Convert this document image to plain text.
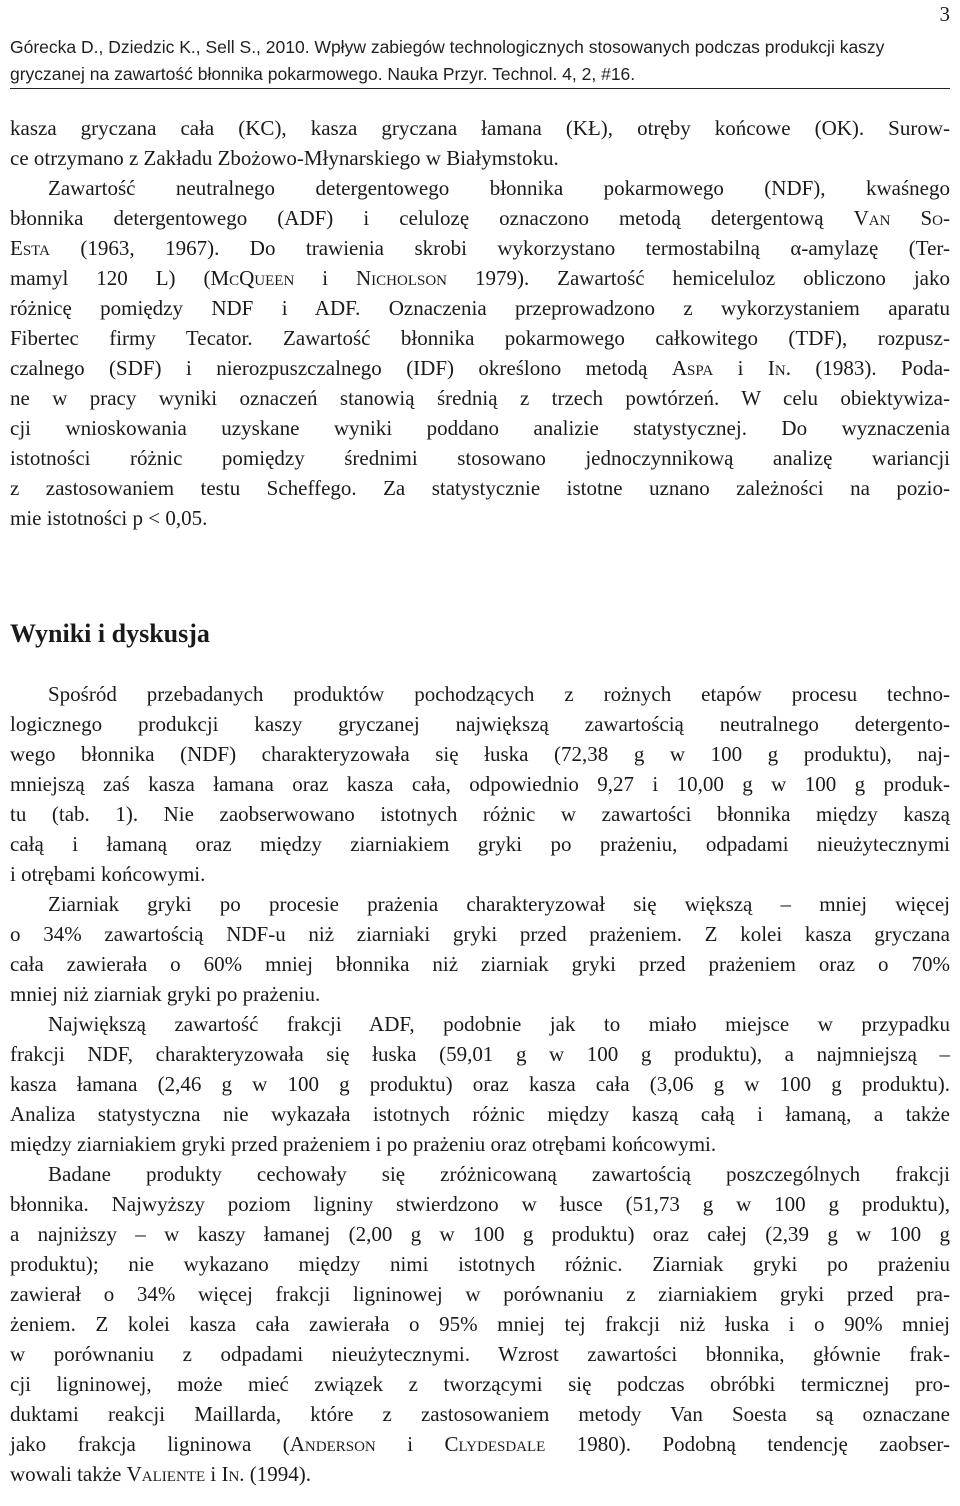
3
Górecka D., Dziedzic K., Sell S., 2010. Wpływ zabiegów technologicznych stosowanych podczas produkcji kaszy
gryczanej na zawartość błonnika pokarmowego. Nauka Przyr. Technol. 4, 2, #16.
kasza gryczana cała (KC), kasza gryczana łamana (KŁ), otręby końcowe (OK). Surow-
ce otrzymano z Zakładu Zbożowo-Młynarskiego w Białymstoku.
Zawartość neutralnego detergentowego błonnika pokarmowego (NDF), kwaśnego
błonnika detergentowego (ADF) i celulozę oznaczono metodą detergentową Van So-
Esta (1963, 1967). Do trawienia skrobi wykorzystano termostabilną α-amylazę (Ter-
mamyl 120 L) (McQueen i Nicholson 1979). Zawartość hemiceluloz obliczono jako
różnicę pomiędzy NDF i ADF. Oznaczenia przeprowadzono z wykorzystaniem aparatu
Fibertec firmy Tecator. Zawartość błonnika pokarmowego całkowitego (TDF), rozpusz-
czalnego (SDF) i nierozpuszczalnego (IDF) określono metodą Aspa i In. (1983). Poda-
ne w pracy wyniki oznaczeń stanowią średnią z trzech powtórzeń. W celu obiektywiza-
cji wnioskowania uzyskane wyniki poddano analizie statystycznej. Do wyznaczenia
istotności różnic pomiędzy średnimi stosowano jednoczynnikową analizę wariancji
z zastosowaniem testu Scheffego. Za statystycznie istotne uznano zależności na pozio-
mie istotności p < 0,05.
Wyniki i dyskusja
Spośród przebadanych produktów pochodzących z rożnych etapów procesu techno-
logicznego produkcji kaszy gryczanej największą zawartością neutralnego detergento-
wego błonnika (NDF) charakteryzowała się łuska (72,38 g w 100 g produktu), naj-
mniejszą zaś kasza łamana oraz kasza cała, odpowiednio 9,27 i 10,00 g w 100 g produk-
tu (tab. 1). Nie zaobserwowano istotnych różnic w zawartości błonnika między kaszą
całą i łamaną oraz między ziarniakiem gryki po prażeniu, odpadami nieużytecznymi
i otrębami końcowymi.
Ziarniak gryki po procesie prażenia charakteryzował się większą – mniej więcej
o 34% zawartością NDF-u niż ziarniaki gryki przed prażeniem. Z kolei kasza gryczana
cała zawierała o 60% mniej błonnika niż ziarniak gryki przed prażeniem oraz o 70%
mniej niż ziarniak gryki po prażeniu.
Największą zawartość frakcji ADF, podobnie jak to miało miejsce w przypadku
frakcji NDF, charakteryzowała się łuska (59,01 g w 100 g produktu), a najmniejszą –
kasza łamana (2,46 g w 100 g produktu) oraz kasza cała (3,06 g w 100 g produktu).
Analiza statystyczna nie wykazała istotnych różnic między kaszą całą i łamaną, a także
między ziarniakiem gryki przed prażeniem i po prażeniu oraz otrębami końcowymi.
Badane produkty cechowały się zróżnicowaną zawartością poszczególnych frakcji
błonnika. Najwyższy poziom ligniny stwierdzono w łusce (51,73 g w 100 g produktu),
a najniższy – w kaszy łamanej (2,00 g w 100 g produktu) oraz całej (2,39 g w 100 g
produktu); nie wykazano między nimi istotnych różnic. Ziarniak gryki po prażeniu
zawierał o 34% więcej frakcji ligninowej w porównaniu z ziarniakiem gryki przed pra-
żeniem. Z kolei kasza cała zawierała o 95% mniej tej frakcji niż łuska i o 90% mniej
w porównaniu z odpadami nieużytecznymi. Wzrost zawartości błonnika, głównie frak-
cji ligninowej, może mieć związek z tworzącymi się podczas obróbki termicznej pro-
duktami reakcji Maillarda, które z zastosowaniem metody Van Soesta są oznaczane
jako frakcja ligninowa (Anderson i Clydesdale 1980). Podobną tendencję zaobser-
wowali także Valiente i In. (1994).
